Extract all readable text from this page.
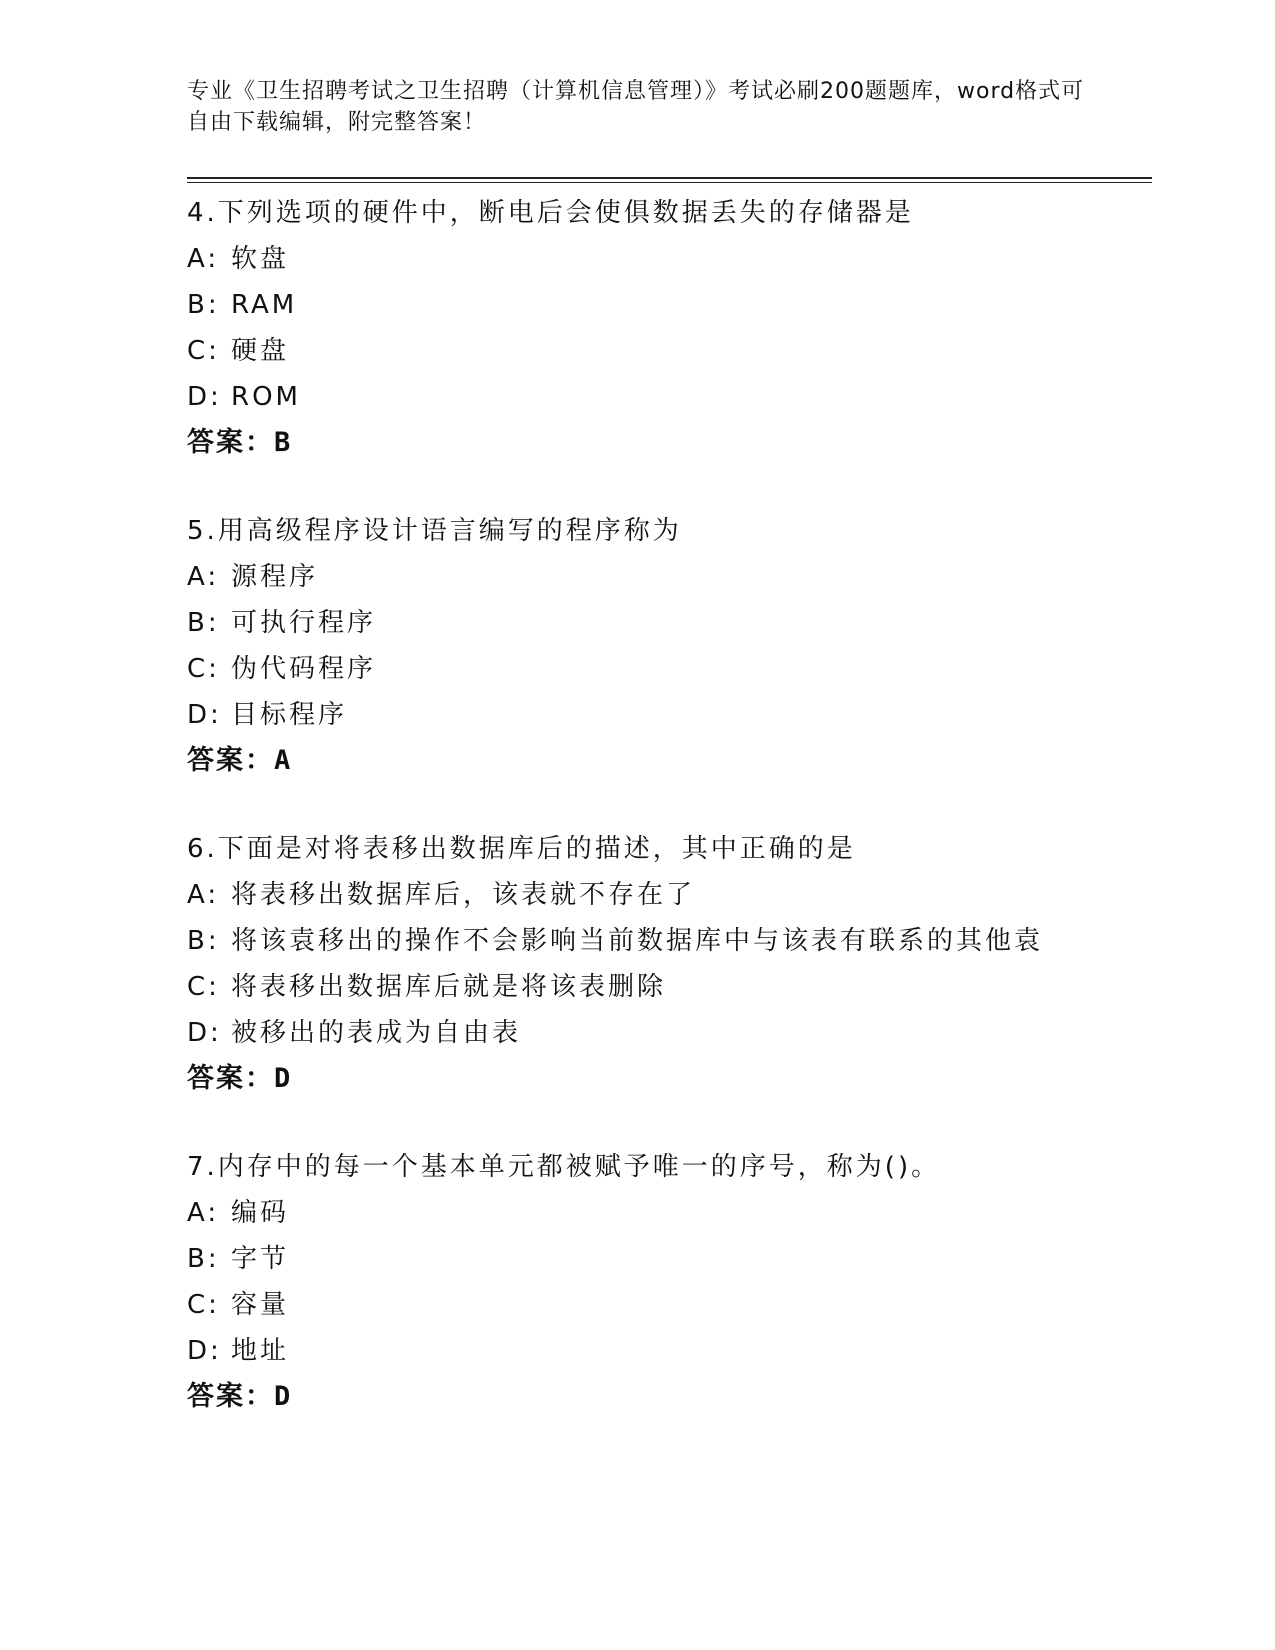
专业《卫生招聘考试之卫生招聘（计算机信息管理）》考试必刷200题题库，word格式可自由下载编辑，附完整答案！
4.下列选项的硬件中，断电后会使俱数据丢失的存储器是
A: 软盘
B: RAM
C: 硬盘
D: ROM
答案：B
5.用高级程序设计语言编写的程序称为
A: 源程序
B: 可执行程序
C: 伪代码程序
D: 目标程序
答案：A
6.下面是对将表移出数据库后的描述，其中正确的是
A: 将表移出数据库后，该表就不存在了
B: 将该袁移出的操作不会影响当前数据库中与该表有联系的其他袁
C: 将表移出数据库后就是将该表删除
D: 被移出的表成为自由表
答案：D
7.内存中的每一个基本单元都被赋予唯一的序号，称为()。
A: 编码
B: 字节
C: 容量
D: 地址
答案：D
